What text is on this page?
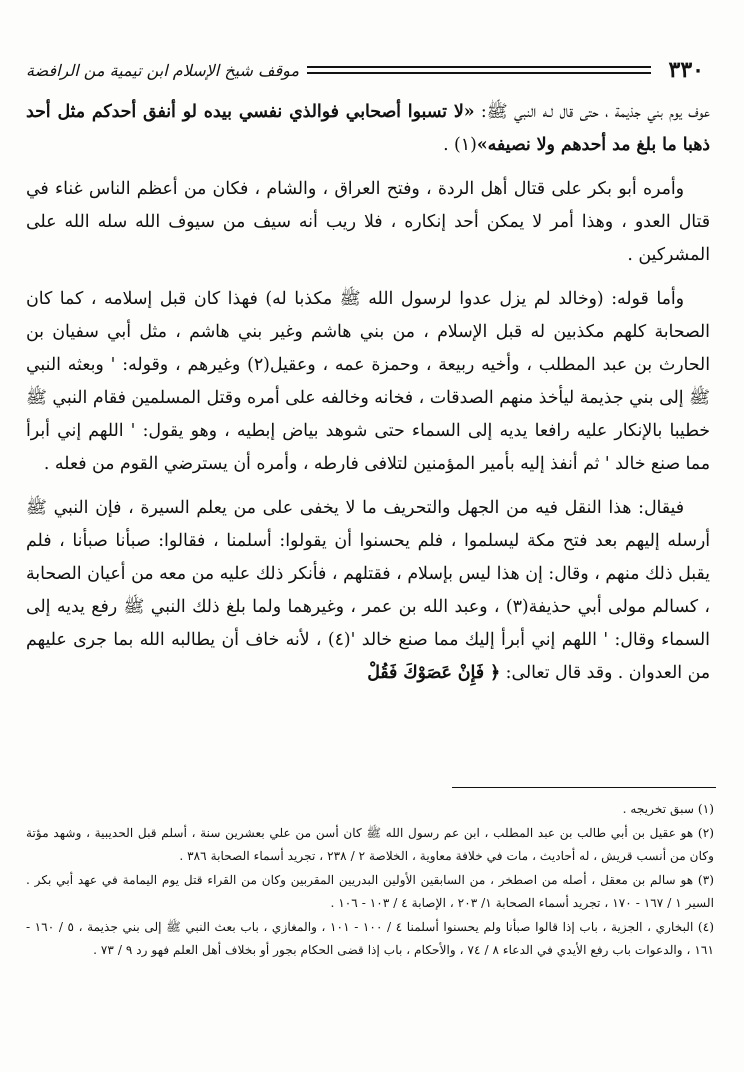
٣٣٠
موقف شيخ الإسلام ابن تيمية من الرافضة

عوف يوم بني جذيمة ، حتى قال لـه النبي ﷺ: «لا تسبوا أصحابي فوالذي نفسي بيده لو أنفق أحدكم مثل أحد ذهبا ما بلغ مد أحدهم ولا نصيفه»(١) .

وأمره أبو بكر على قتال أهل الردة ، وفتح العراق ، والشام ، فكان من أعظم الناس غناء في قتال العدو ، وهذا أمر لا يمكن أحد إنكاره ، فلا ريب أنه سيف من سيوف الله سله الله على المشركين .

وأما قوله: (وخالد لم يزل عدوا لرسول الله ﷺ مكذبا له) فهذا كان قبل إسلامه ، كما كان الصحابة كلهم مكذبين له قبل الإسلام ، من بني هاشم وغير بني هاشم ، مثل أبي سفيان بن الحارث بن عبد المطلب ، وأخيه ربيعة ، وحمزة عمه ، وعقيل(٢) وغيرهم ، وقوله: ' وبعثه النبي ﷺ إلى بني جذيمة ليأخذ منهم الصدقات ، فخانه وخالفه على أمره وقتل المسلمين فقام النبي ﷺ خطيبا بالإنكار عليه رافعا يديه إلى السماء حتى شوهد بياض إبطيه ، وهو يقول: ' اللهم إني أبرأ مما صنع خالد ' ثم أنفذ إليه بأمير المؤمنين لتلافى فارطه ، وأمره أن يسترضي القوم من فعله .

فيقال: هذا النقل فيه من الجهل والتحريف ما لا يخفى على من يعلم السيرة ، فإن النبي ﷺ أرسله إليهم بعد فتح مكة ليسلموا ، فلم يحسنوا أن يقولوا: أسلمنا ، فقالوا: صبأنا صبأنا ، فلم يقبل ذلك منهم ، وقال: إن هذا ليس بإسلام ، فقتلهم ، فأنكر ذلك عليه من معه من أعيان الصحابة ، كسالم مولى أبي حذيفة(٣) ، وعبد الله بن عمر ، وغيرهما ولما بلغ ذلك النبي ﷺ رفع يديه إلى السماء وقال: ' اللهم إني أبرأ إليك مما صنع خالد '(٤) ، لأنه خاف أن يطالبه الله بما جرى عليهم من العدوان . وقد قال تعالى: ﴿ فَإِنْ عَصَوْكَ فَقُلْ

(١) سبق تخريجه .

(٢) هو عقيل بن أبي طالب بن عبد المطلب ، ابن عم رسول الله ﷺ كان أسن من علي بعشرين سنة ، أسلم قبل الحديبية ، وشهد مؤتة وكان من أنسب قريش ، له أحاديث ، مات في خلافة معاوية ، الخلاصة ٢ / ٢٣٨ ، تجريد أسماء الصحابة ٣٨٦ .

(٣) هو سالم بن معقل ، أصله من اصطخر ، من السابقين الأولين البدريين المقربين وكان من القراء قتل يوم اليمامة في عهد أبي بكر . السير ١ / ١٦٧ - ١٧٠ ، تجريد أسماء الصحابة ١/ ٢٠٣ ، الإصابة ٤ / ١٠٣ - ١٠٦ .

(٤) البخاري ، الجزية ، باب إذا قالوا صبأنا ولم يحسنوا أسلمنا ٤ / ١٠٠ - ١٠١ ، والمغازي ، باب بعث النبي ﷺ إلى بني جذيمة ، ٥ / ١٦٠ - ١٦١ ، والدعوات باب رفع الأيدي في الدعاء ٨ / ٧٤ ، والأحكام ، باب إذا قضى الحكام بجور أو بخلاف أهل العلم فهو رد ٩ / ٧٣ .
